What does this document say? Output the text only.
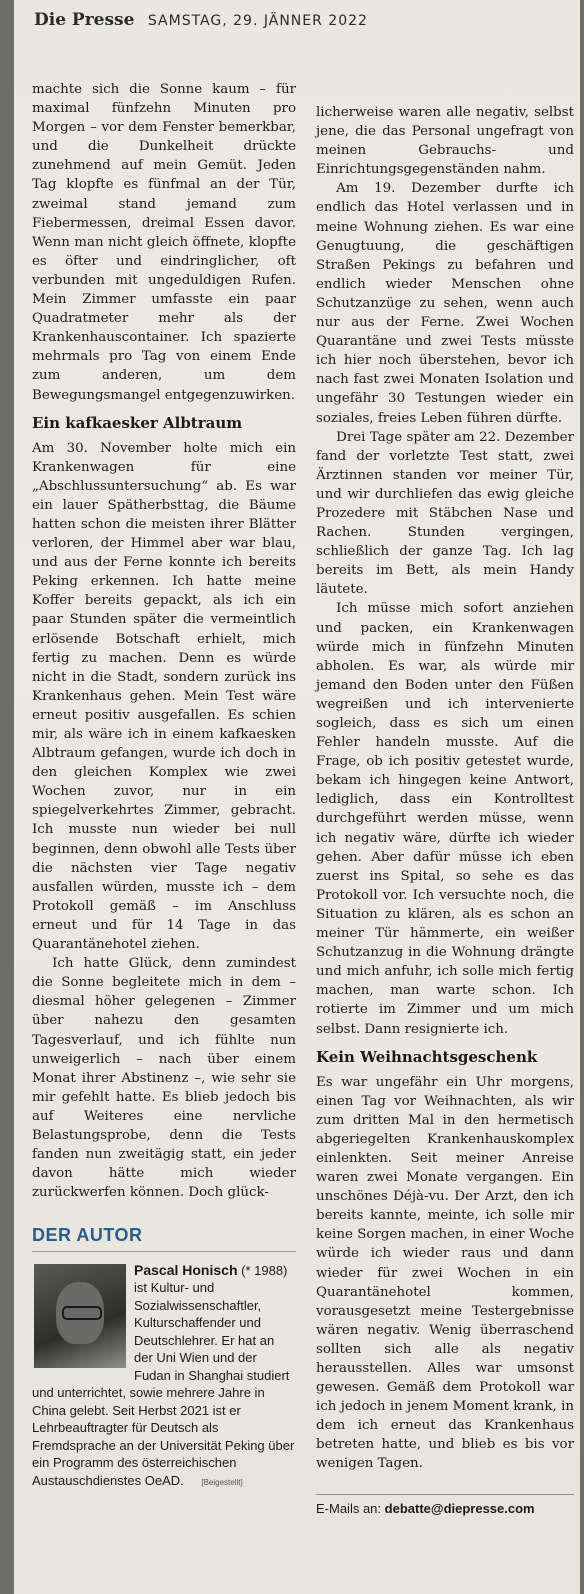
Die Presse SAMSTAG, 29. JÄNNER 2022

machte sich die Sonne kaum – für maximal fünfzehn Minuten pro Morgen – vor dem Fenster bemerkbar, und die Dunkelheit drückte zunehmend auf mein Gemüt. Jeden Tag klopfte es fünfmal an der Tür, zweimal stand jemand zum Fiebermessen, dreimal Essen davor. Wenn man nicht gleich öffnete, klopfte es öfter und eindringlicher, oft verbunden mit ungeduldigen Rufen. Mein Zimmer umfasste ein paar Quadratmeter mehr als der Krankenhauscontainer. Ich spazierte mehrmals pro Tag von einem Ende zum anderen, um dem Bewegungsmangel entgegenzuwirken.

Ein kafkaesker Albtraum

Am 30. November holte mich ein Krankenwagen für eine „Abschlussuntersuchung“ ab. Es war ein lauer Spätherbsttag, die Bäume hatten schon die meisten ihrer Blätter verloren, der Himmel aber war blau, und aus der Ferne konnte ich bereits Peking erkennen. Ich hatte meine Koffer bereits gepackt, als ich ein paar Stunden später die vermeintlich erlösende Botschaft erhielt, mich fertig zu machen. Denn es würde nicht in die Stadt, sondern zurück ins Krankenhaus gehen. Mein Test wäre erneut positiv ausgefallen. Es schien mir, als wäre ich in einem kafkaesken Albtraum gefangen, wurde ich doch in den gleichen Komplex wie zwei Wochen zuvor, nur in ein spiegelverkehrtes Zimmer, gebracht. Ich musste nun wieder bei null beginnen, denn obwohl alle Tests über die nächsten vier Tage negativ ausfallen würden, musste ich – dem Protokoll gemäß – im Anschluss erneut und für 14 Tage in das Quarantänehotel ziehen.

Ich hatte Glück, denn zumindest die Sonne begleitete mich in dem – diesmal höher gelegenen – Zimmer über nahezu den gesamten Tagesverlauf, und ich fühlte nun unweigerlich – nach über einem Monat ihrer Abstinenz –, wie sehr sie mir gefehlt hatte. Es blieb jedoch bis auf Weiteres eine nervliche Belastungsprobe, denn die Tests fanden nun zweitägig statt, ein jeder davon hätte mich wieder zurückwerfen können. Doch glück-

licherweise waren alle negativ, selbst jene, die das Personal ungefragt von meinen Gebrauchs- und Einrichtungsgegenständen nahm.

Am 19. Dezember durfte ich endlich das Hotel verlassen und in meine Wohnung ziehen. Es war eine Genugtuung, die geschäftigen Straßen Pekings zu befahren und endlich wieder Menschen ohne Schutzanzüge zu sehen, wenn auch nur aus der Ferne. Zwei Wochen Quarantäne und zwei Tests müsste ich hier noch überstehen, bevor ich nach fast zwei Monaten Isolation und ungefähr 30 Testungen wieder ein soziales, freies Leben führen dürfte.

Drei Tage später am 22. Dezember fand der vorletzte Test statt, zwei Ärztinnen standen vor meiner Tür, und wir durchliefen das ewig gleiche Prozedere mit Stäbchen Nase und Rachen. Stunden vergingen, schließlich der ganze Tag. Ich lag bereits im Bett, als mein Handy läutete.

Ich müsse mich sofort anziehen und packen, ein Krankenwagen würde mich in fünfzehn Minuten abholen. Es war, als würde mir jemand den Boden unter den Füßen wegreißen und ich intervenierte sogleich, dass es sich um einen Fehler handeln musste. Auf die Frage, ob ich positiv getestet wurde, bekam ich hingegen keine Antwort, lediglich, dass ein Kontrolltest durchgeführt werden müsse, wenn ich negativ wäre, dürfte ich wieder gehen. Aber dafür müsse ich eben zuerst ins Spital, so sehe es das Protokoll vor. Ich versuchte noch, die Situation zu klären, als es schon an meiner Tür hämmerte, ein weißer Schutzanzug in die Wohnung drängte und mich anfuhr, ich solle mich fertig machen, man warte schon. Ich rotierte im Zimmer und um mich selbst. Dann resignierte ich.

Kein Weihnachtsgeschenk

Es war ungefähr ein Uhr morgens, einen Tag vor Weihnachten, als wir zum dritten Mal in den hermetisch abgeriegelten Krankenhauskomplex einlenkten. Seit meiner Anreise waren zwei Monate vergangen. Ein unschönes Déjà-vu. Der Arzt, den ich bereits kannte, meinte, ich solle mir keine Sorgen machen, in einer Woche würde ich wieder raus und dann wieder für zwei Wochen in ein Quarantänehotel kommen, vorausgesetzt meine Testergebnisse wären negativ. Wenig überraschend sollten sich alle als negativ herausstellen. Alles war umsonst gewesen. Gemäß dem Protokoll war ich jedoch in jenem Moment krank, in dem ich erneut das Krankenhaus betreten hatte, und blieb es bis vor wenigen Tagen.

DER AUTOR
Pascal Honisch (* 1988) ist Kultur- und Sozialwissenschaftler, Kulturschaffender und Deutschlehrer. Er hat an der Uni Wien und der Fudan in Shanghai studiert und unterrichtet, sowie mehrere Jahre in China gelebt. Seit Herbst 2021 ist er Lehrbeauftragter für Deutsch als Fremdsprache an der Universität Peking über ein Programm des österreichischen Austauschdienstes OeAD. [Beigestellt]
E-Mails an: debatte@diepresse.com
